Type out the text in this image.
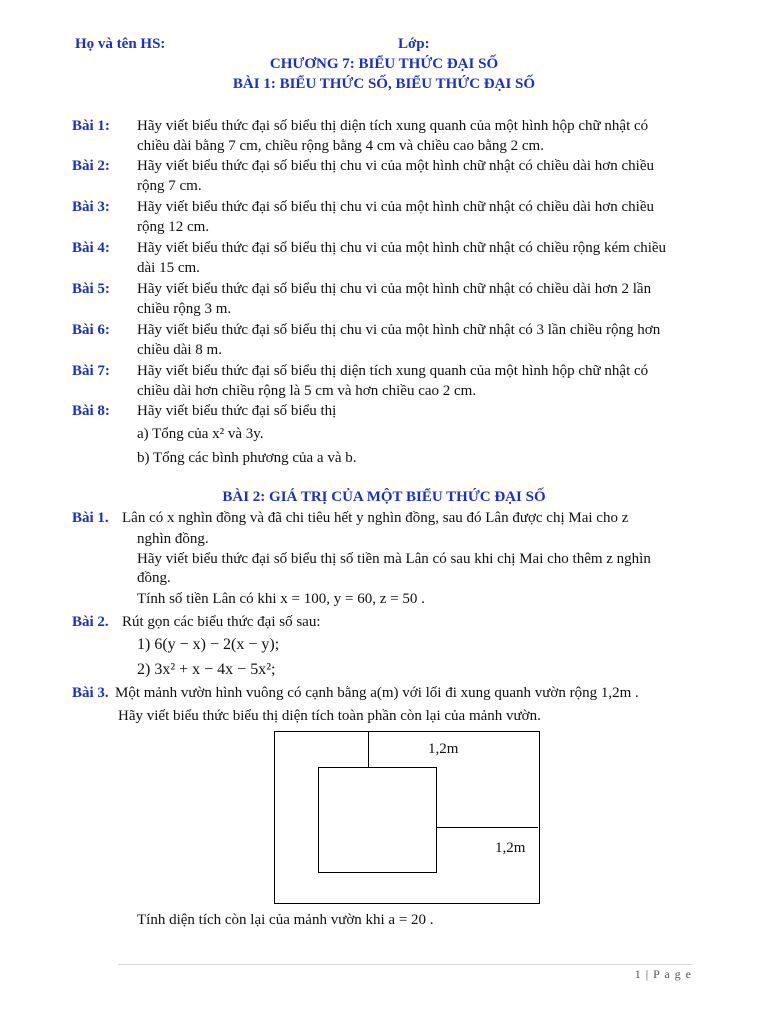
Họ và tên HS:	Lớp:
CHƯƠNG 7: BIỂU THỨC ĐẠI SỐ
BÀI 1: BIỂU THỨC SỐ, BIỂU THỨC ĐẠI SỐ
Bài 1: Hãy viết biểu thức đại số biểu thị diện tích xung quanh của một hình hộp chữ nhật có
chiều dài bằng 7 cm, chiều rộng bằng 4 cm và chiều cao bằng 2 cm.
Bài 2: Hãy viết biểu thức đại số biểu thị chu vi của một hình chữ nhật có chiều dài hơn chiều
rộng 7 cm.
Bài 3: Hãy viết biểu thức đại số biểu thị chu vi của một hình chữ nhật có chiều dài hơn chiều
rộng 12 cm.
Bài 4: Hãy viết biểu thức đại số biểu thị chu vi của một hình chữ nhật có chiều rộng kém chiều
dài 15 cm.
Bài 5: Hãy viết biểu thức đại số biểu thị chu vi của một hình chữ nhật có chiều dài hơn 2 lần
chiều rộng 3 m.
Bài 6: Hãy viết biểu thức đại số biểu thị chu vi của một hình chữ nhật có 3 lần chiều rộng hơn
chiều dài 8 m.
Bài 7: Hãy viết biểu thức đại số biểu thị diện tích xung quanh của một hình hộp chữ nhật có
chiều dài hơn chiều rộng là 5 cm và hơn chiều cao 2 cm.
Bài 8: Hãy viết biểu thức đại số biểu thị
a) Tổng của x² và 3y.
b) Tổng các bình phương của a và b.
BÀI 2: GIÁ TRỊ CỦA MỘT BIỂU THỨC ĐẠI SỐ
Bài 1. Lân có x nghìn đồng và đã chi tiêu hết y nghìn đồng, sau đó Lân được chị Mai cho z
nghìn đồng.
Hãy viết biểu thức đại số biểu thị số tiền mà Lân có sau khi chị Mai cho thêm z nghìn
đồng.
Tính số tiền Lân có khi x = 100, y = 60, z = 50 .
Bài 2. Rút gọn các biểu thức đại số sau:
1) 6(y − x) − 2(x − y);
2) 3x² + x − 4x − 5x²;
Bài 3. Một mảnh vườn hình vuông có cạnh bằng a(m) với lối đi xung quanh vườn rộng 1,2m .
Hãy viết biểu thức biểu thị diện tích toàn phần còn lại của mảnh vườn.
1,2m
1,2m
Tính diện tích còn lại của mảnh vườn khi a = 20 .
1 | P a g e
